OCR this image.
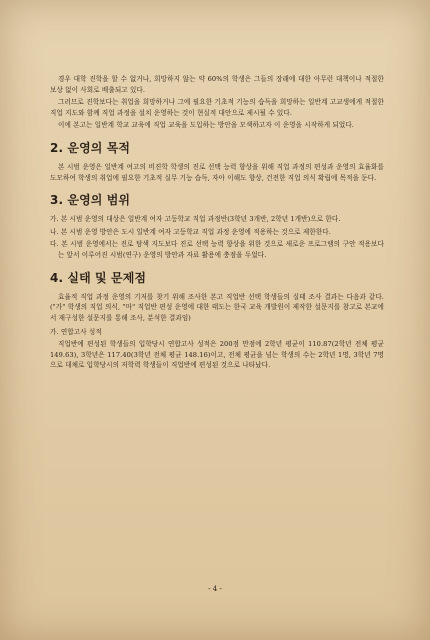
경우 대학 진학을 할 수 없거나, 희망하지 않는 약 60%의 학생은 그들의 장래에 대한 아무런 대책이나 적절한 보상 없이 사회로 배출되고 있다.

그러므로 진학보다는 취업을 희망하거나 그에 필요한 기초적 기능의 습득을 희망하는 일반계 고교생에게 적절한 직업 지도와 함께 직업 과정을 설치 운영하는 것이 현실적 대안으로 제시될 수 있다.

이에 본고는 일반계 학교 교육에 직업 교육을 도입하는 방안을 모색하고자 이 운영을 시작하게 되었다.

2. 운영의 목적

본 시범 운영은 일반계 여고의 비진학 학생의 진로 선택 능력 향상을 위해 직업 과정의 편성과 운영의 효율화를 도모하여 학생의 취업에 필요한 기초적 실무 기능 습득, 자아 이해도 향상, 건전한 직업 의식 확립에 목적을 둔다.

3. 운영의 범위
가. 본 시범 운영의 대상은 일반계 여자 고등학교 직업 과정반(3학년 3개반, 2학년 1개반)으로 한다.
나. 본 시범 운영 방안은 도시 일반계 여자 고등학교 직업 과정 운영에 적용하는 것으로 제한한다.
다. 본 시범 운영에서는 진로 탐색 지도보다 진로 선택 능력 향상을 위한 것으로 새로운 프로그램의 구안 적용보다는 앞서 이루어진 시범(연구) 운영의 방안과 자료 활용에 충점을 두었다.
4. 실태 및 문제점

효율적 직업 과정 운영의 기저를 찾기 위해 조사한 본고 직업반 선택 학생들의 실태 조사 결과는 다음과 같다.("가" 학생의 직업 의식, "마" 직업반 편성 운영에 대한 태도는 한국 교육 개발원이 제작한 설문지를 참고로 본교에서 재구성한 설문지를 통해 조사, 분석한 결과임)

가. 연합고사 성적

직업반에 편성된 학생들의 입학당시 연합고사 성적은 200점 만점에 2학년 평균이 110.87(2학년 전체 평균 149.63), 3학년은 117.40(3학년 전체 평균 148.16)이고, 전체 평균을 넘는 학생의 수는 2학년 1명, 3학년 7명 으로 대체로 입학당시의 저학력 학생들이 직업반에 편성된 것으로 나타났다.

- 4 -
